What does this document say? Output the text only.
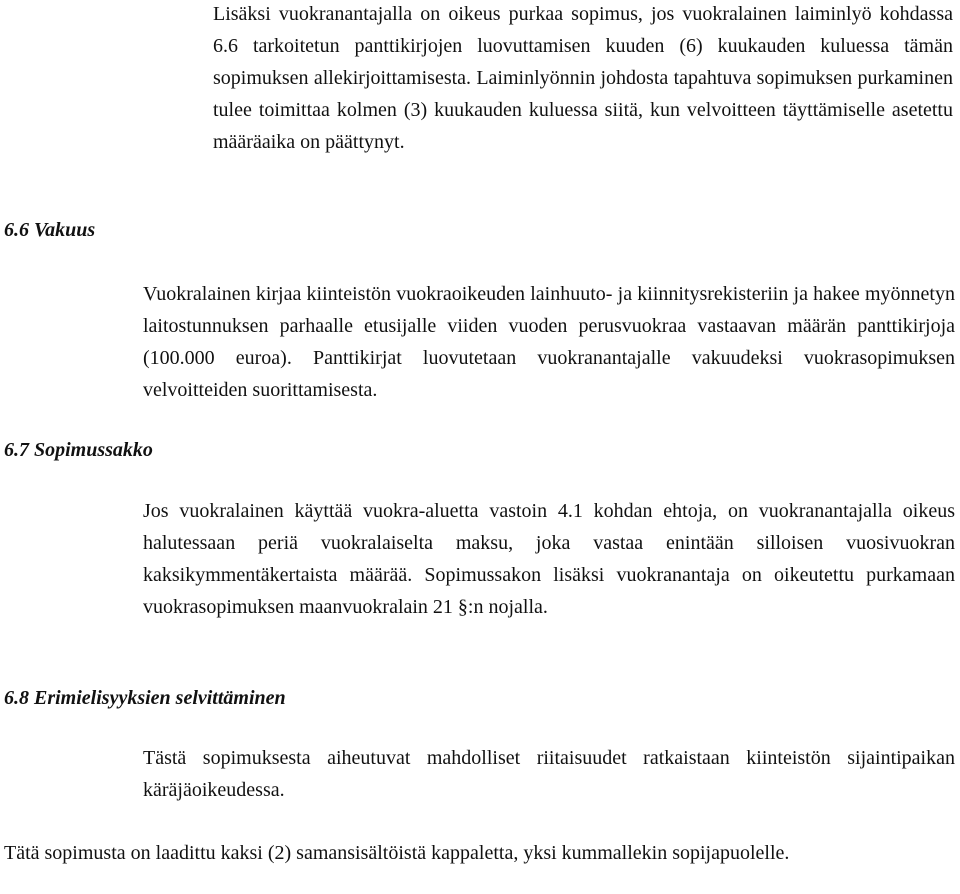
Lisäksi vuokranantajalla on oikeus purkaa sopimus, jos vuokralainen laiminlyö kohdassa 6.6 tarkoitetun panttikirjojen luovuttamisen kuuden (6) kuukauden kuluessa tämän sopimuksen allekirjoittamisesta. Laiminlyönnin johdosta tapahtuva sopimuksen purkaminen tulee toimittaa kolmen (3) kuukauden kuluessa siitä, kun velvoitteen täyttämiselle asetettu määräaika on päättynyt.

6.6 Vakuus

Vuokralainen kirjaa kiinteistön vuokraoikeuden lainhuuto- ja kiinnitysrekisteriin ja hakee myönnetyn laitostunnuksen parhaalle etusijalle viiden vuoden perusvuokraa vastaavan määrän panttikirjoja (100.000 euroa). Panttikirjat luovutetaan vuokranantajalle vakuudeksi vuokrasopimuksen velvoitteiden suorittamisesta.

6.7 Sopimussakko

Jos vuokralainen käyttää vuokra-aluetta vastoin 4.1 kohdan ehtoja, on vuokranantajalla oikeus halutessaan periä vuokralaiselta maksu, joka vastaa enintään silloisen vuosivuokran kaksikymmentäkertaista määrää. Sopimussakon lisäksi vuokranantaja on oikeutettu purkamaan vuokrasopimuksen maanvuokralain 21 §:n nojalla.

6.8 Erimielisyyksien selvittäminen

Tästä sopimuksesta aiheutuvat mahdolliset riitaisuudet ratkaistaan kiinteistön sijaintipaikan käräjäoikeudessa.

Tätä sopimusta on laadittu kaksi (2) samansisältöistä kappaletta, yksi kummallekin sopijapuolelle.
